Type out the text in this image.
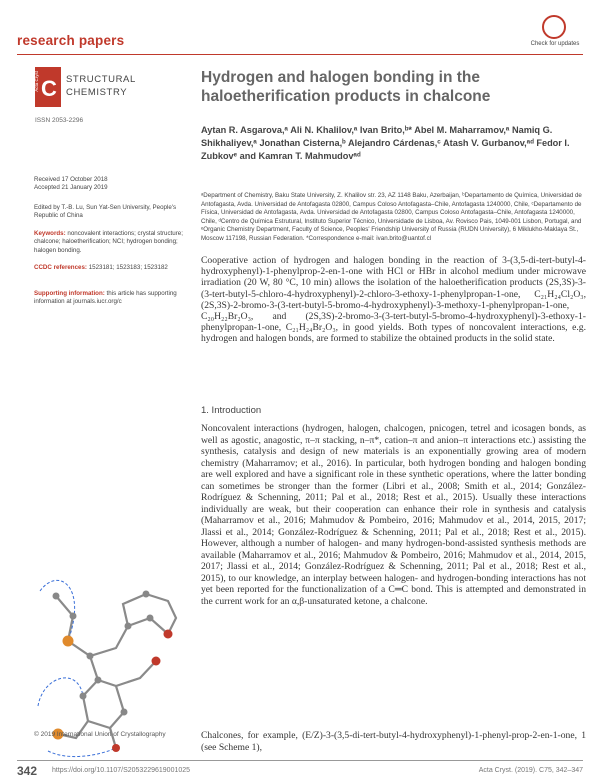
research papers	Check for updates
Acta Cryst C STRUCTURAL
CHEMISTRY
ISSN 2053-2296
Hydrogen and halogen bonding in the haloetherification products in chalcone
Aytan R. Asgarova,ᵃ Ali N. Khalilov,ᵃ Ivan Brito,ᵇ* Abel M. Maharramov,ᵃ Namiq G. Shikhaliyev,ᵃ Jonathan Cisterna,ᵇ Alejandro Cárdenas,ᶜ Atash V. Gurbanov,ᵃᵈ Fedor I. Zubkovᵉ and Kamran T. Mahmudovᵃᵈ
Received 17 October 2018
Accepted 21 January 2019
Edited by T.-B. Lu, Sun Yat-Sen University, People's Republic of China
Keywords: noncovalent interactions; crystal structure; chalcone; haloetherification; NCI; hydrogen bonding; halogen bonding.
CCDC references: 1523181; 1523183; 1523182
Supporting information: this article has supporting information at journals.iucr.org/c
ᵃDepartment of Chemistry, Baku State University, Z. Khalilov str. 23, AZ 1148 Baku, Azerbaijan, ᵇDepartamento de Química, Universidad de Antofagasta, Avda. Universidad de Antofagasta 02800, Campus Coloso Antofagasta–Chile, Antofagasta 1240000, Chile, ᶜDepartamento de Física, Universidad de Antofagasta, Avda. Universidad de Antofagasta 02800, Campus Coloso Antofagasta–Chile, Antofagasta 1240000, Chile, ᵈCentro de Química Estrutural, Instituto Superior Técnico, Universidade de Lisboa, Av. Rovisco Pais, 1049-001 Lisbon, Portugal, and ᵉOrganic Chemistry Department, Faculty of Science, Peoples' Friendship University of Russia (RUDN University), 6 Miklukho-Maklaya St., Moscow 117198, Russian Federation. *Correspondence e-mail: ivan.brito@uantof.cl
Cooperative action of hydrogen and halogen bonding in the reaction of 3-(3,5-di-tert-butyl-4-hydroxyphenyl)-1-phenylprop-2-en-1-one with HCl or HBr in alcohol medium under microwave irradiation (20 W, 80 °C, 10 min) allows the isolation of the haloetherification products (2S,3S)-3-(3-tert-butyl-5-chloro-4-hydroxyphenyl)-2-chloro-3-ethoxy-1-phenylpropan-1-one, C₂₁H₂₄Cl₂O₃, (2S,3S)-2-bromo-3-(3-tert-butyl-5-bromo-4-hydroxyphenyl)-3-methoxy-1-phenylpropan-1-one, C₂₀H₂₂Br₂O₃, and (2S,3S)-2-bromo-3-(3-tert-butyl-5-bromo-4-hydroxyphenyl)-3-ethoxy-1-phenylpropan-1-one, C₂₁H₂₄Br₂O₃, in good yields. Both types of noncovalent interactions, e.g. hydrogen and halogen bonds, are formed to stabilize the obtained products in the solid state.
1. Introduction
Noncovalent interactions (hydrogen, halogen, chalcogen, pnicogen, tetrel and icosagen bonds, as well as agostic, anagostic, π–π stacking, n–π*, cation–π and anion–π interactions etc.) assisting the synthesis, catalysis and design of new materials is an exponentially growing area of modern chemistry (Maharramov; et al., 2016). In particular, both hydrogen bonding and halogen bonding are well explored and have a significant role in these synthetic operations, where the latter bonding can sometimes be stronger than the former (Libri et al., 2008; Smith et al., 2014; González-Rodríguez & Schenning, 2011; Pal et al., 2018; Rest et al., 2015). Usually these interactions individually are weak, but their cooperation can enhance their role in synthesis and catalysis (Maharramov et al., 2016; Mahmudov & Pombeiro, 2016; Mahmudov et al., 2014, 2015, 2017; Jlassi et al., 2014; González-Rodríguez & Schenning, 2011; Pal et al., 2018; Rest et al., 2015). However, although a number of halogen- and many hydrogen-bond-assisted synthesis methods are available (Maharramov et al., 2016; Mahmudov & Pombeiro, 2016; Mahmudov et al., 2014, 2015, 2017; Jlassi et al., 2014; González-Rodríguez & Schenning, 2011; Pal et al., 2018; Rest et al., 2015), to our knowledge, an interplay between halogen- and hydrogen-bonding interactions has not yet been reported for the functionalization of a C═C bond. This is attempted and demonstrated in the current work for an α,β-unsaturated ketone, a chalcone.
Chalcones, for example, (E/Z)-3-(3,5-di-tert-butyl-4-hydroxyphenyl)-1-phenyl-prop-2-en-1-one, 1 (see Scheme 1),
© 2019 International Union of Crystallography
342 https://doi.org/10.1107/S2053229619001025	Acta Cryst. (2019). C75, 342–347
